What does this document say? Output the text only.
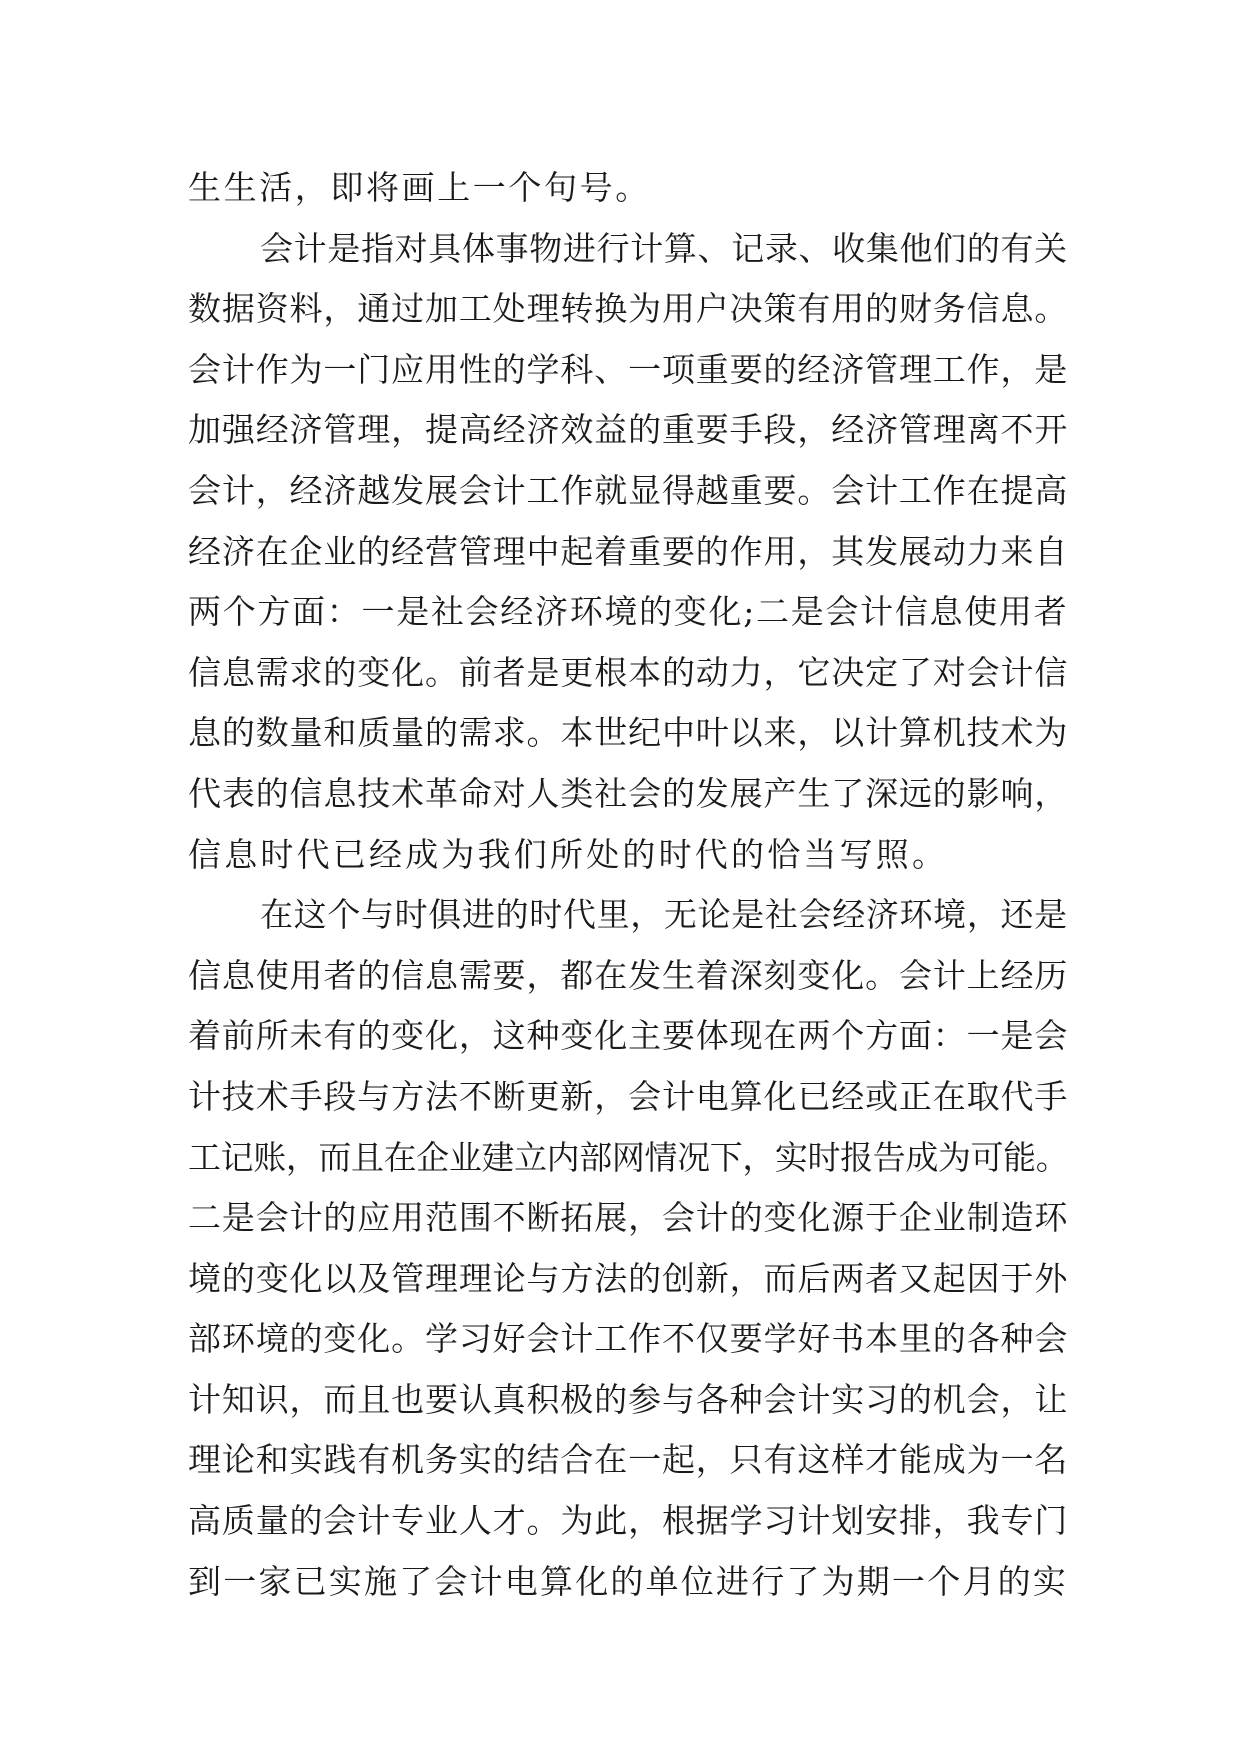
生生活，即将画上一个句号。
会计是指对具体事物进行计算、记录、收集他们的有关
数据资料，通过加工处理转换为用户决策有用的财务信息。
会计作为一门应用性的学科、一项重要的经济管理工作，是
加强经济管理，提高经济效益的重要手段，经济管理离不开
会计，经济越发展会计工作就显得越重要。会计工作在提高
经济在企业的经营管理中起着重要的作用，其发展动力来自
两个方面：一是社会经济环境的变化;二是会计信息使用者
信息需求的变化。前者是更根本的动力，它决定了对会计信
息的数量和质量的需求。本世纪中叶以来，以计算机技术为
代表的信息技术革命对人类社会的发展产生了深远的影响，
信息时代已经成为我们所处的时代的恰当写照。
在这个与时俱进的时代里，无论是社会经济环境，还是
信息使用者的信息需要，都在发生着深刻变化。会计上经历
着前所未有的变化，这种变化主要体现在两个方面：一是会
计技术手段与方法不断更新，会计电算化已经或正在取代手
工记账，而且在企业建立内部网情况下，实时报告成为可能。
二是会计的应用范围不断拓展，会计的变化源于企业制造环
境的变化以及管理理论与方法的创新，而后两者又起因于外
部环境的变化。学习好会计工作不仅要学好书本里的各种会
计知识，而且也要认真积极的参与各种会计实习的机会，让
理论和实践有机务实的结合在一起，只有这样才能成为一名
高质量的会计专业人才。为此，根据学习计划安排，我专门
到一家已实施了会计电算化的单位进行了为期一个月的实
